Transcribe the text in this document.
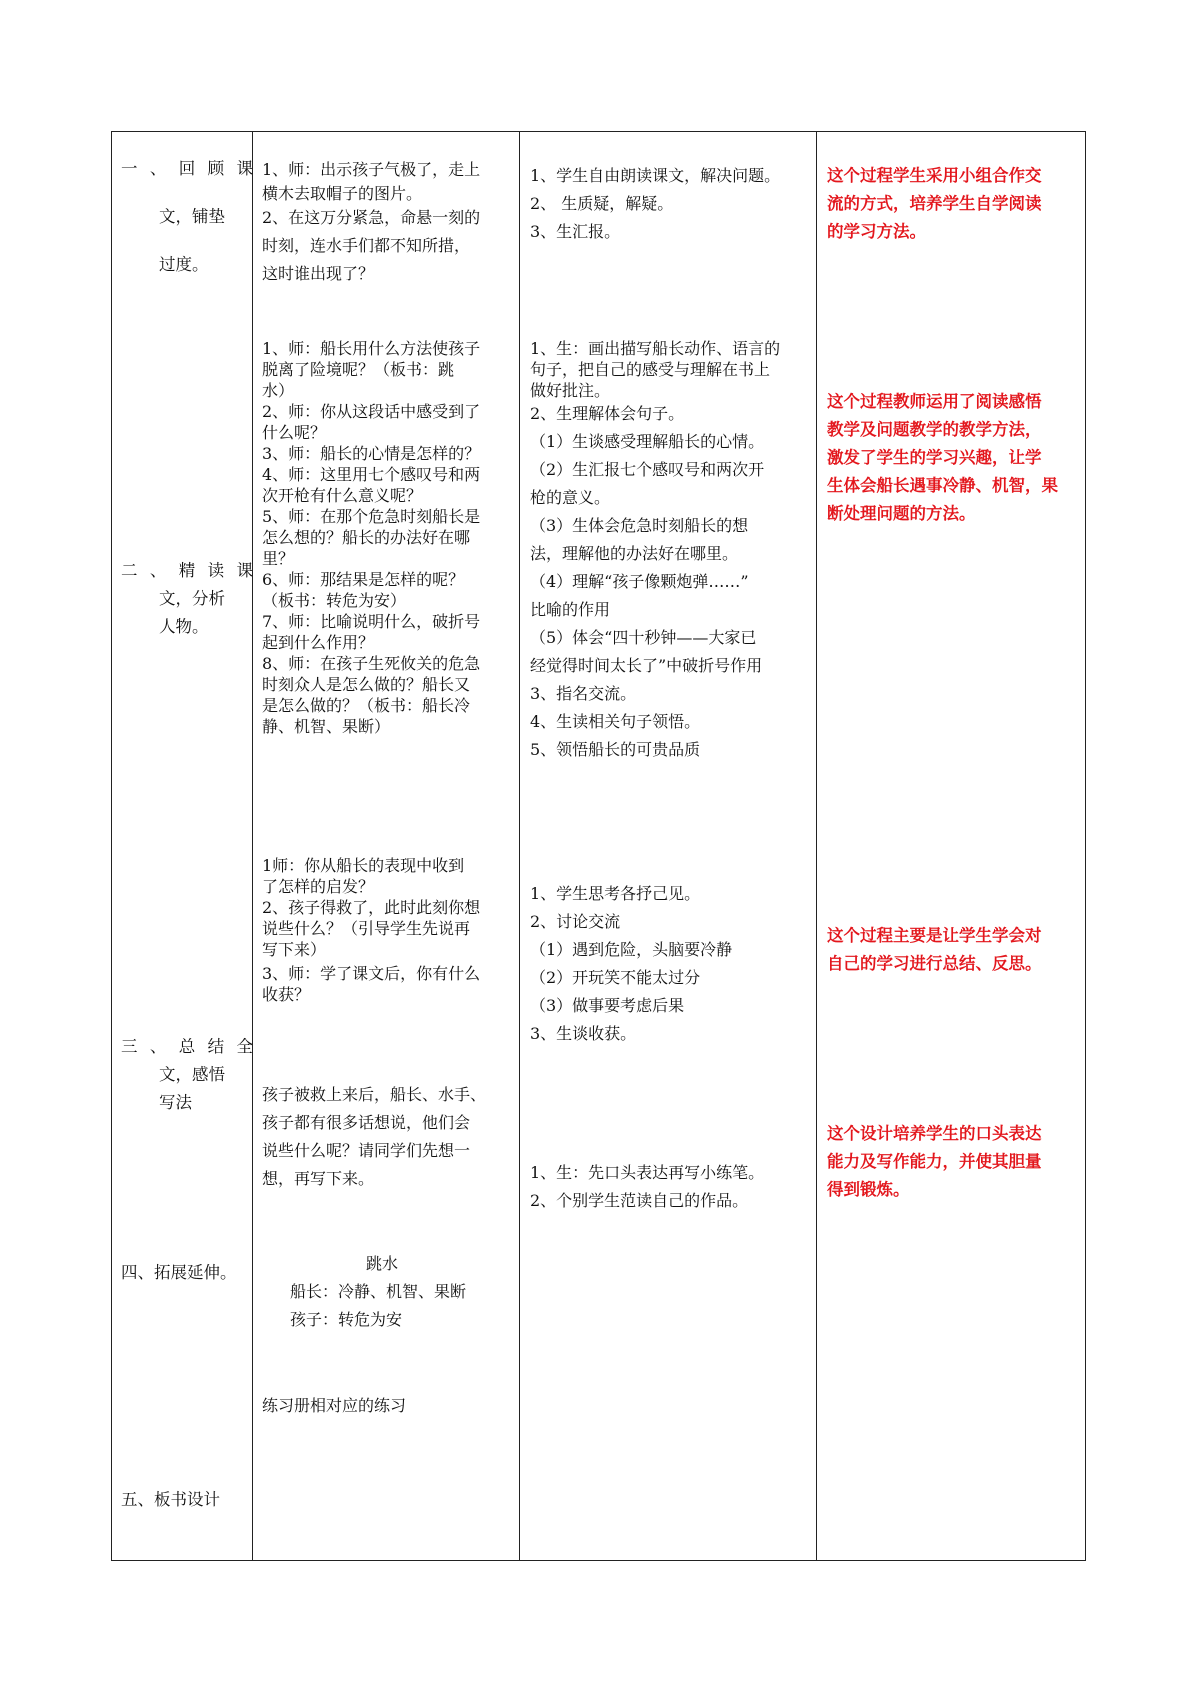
一、回顾课
文，铺垫
过度。
二、精读课
文，分析
人物。
三、总结全
文，感悟
写法
四、拓展延伸。
五、板书设计
1、师：出示孩子气极了，走上
横木去取帽子的图片。
2、在这万分紧急，命悬一刻的
时刻，连水手们都不知所措，
这时谁出现了？
1、师：船长用什么方法使孩子
脱离了险境呢？（板书：跳
水）
2、师：你从这段话中感受到了
什么呢？
3、师：船长的心情是怎样的？
4、师：这里用七个感叹号和两
次开枪有什么意义呢？
5、师：在那个危急时刻船长是
怎么想的？船长的办法好在哪
里？
6、师：那结果是怎样的呢？
（板书：转危为安）
7、师：比喻说明什么，破折号
起到什么作用？
8、师：在孩子生死攸关的危急
时刻众人是怎么做的？船长又
是怎么做的？（板书：船长冷
静、机智、果断）
1师：你从船长的表现中收到
了怎样的启发？
2、孩子得救了，此时此刻你想
说些什么？（引导学生先说再
写下来）
3、师：学了课文后，你有什么
收获？
孩子被救上来后，船长、水手、
孩子都有很多话想说，他们会
说些什么呢？请同学们先想一
想，再写下来。
跳水
船长：冷静、机智、果断
孩子：转危为安
练习册相对应的练习
1、学生自由朗读课文，解决问题。
2、 生质疑，解疑。
3、生汇报。
1、生：画出描写船长动作、语言的
句子，把自己的感受与理解在书上
做好批注。
2、生理解体会句子。
（1）生谈感受理解船长的心情。
（2）生汇报七个感叹号和两次开
枪的意义。
（3）生体会危急时刻船长的想
法，理解他的办法好在哪里。
（4）理解“孩子像颗炮弹……”
比喻的作用
（5）体会“四十秒钟——大家已
经觉得时间太长了”中破折号作用
3、指名交流。
4、生读相关句子领悟。
5、领悟船长的可贵品质
1、学生思考各抒己见。
2、讨论交流
（1）遇到危险，头脑要冷静
（2）开玩笑不能太过分
（3）做事要考虑后果
3、生谈收获。
1、生：先口头表达再写小练笔。
2、个别学生范读自己的作品。
这个过程学生采用小组合作交
流的方式，培养学生自学阅读
的学习方法。
这个过程教师运用了阅读感悟
教学及问题教学的教学方法，
激发了学生的学习兴趣，让学
生体会船长遇事冷静、机智，果
断处理问题的方法。
这个过程主要是让学生学会对
自己的学习进行总结、反思。
这个设计培养学生的口头表达
能力及写作能力，并使其胆量
得到锻炼。
